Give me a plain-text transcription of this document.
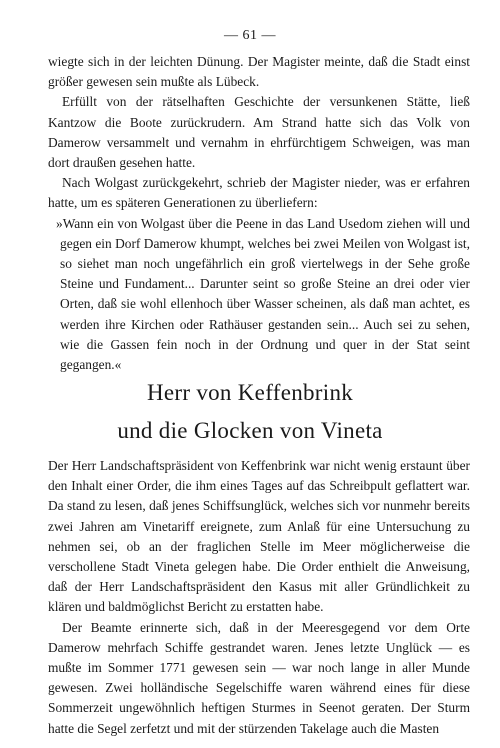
— 61 —

wiegte sich in der leichten Dünung. Der Magister meinte, daß die Stadt einst größer gewesen sein mußte als Lübeck.

Erfüllt von der rätselhaften Geschichte der versunkenen Stätte, ließ Kantzow die Boote zurückrudern. Am Strand hatte sich das Volk von Damerow versammelt und vernahm in ehrfürchtigem Schweigen, was man dort draußen gesehen hatte.

Nach Wolgast zurückgekehrt, schrieb der Magister nieder, was er erfahren hatte, um es späteren Generationen zu überliefern:

»Wann ein von Wolgast über die Peene in das Land Usedom ziehen will und gegen ein Dorf Damerow khumpt, welches bei zwei Meilen von Wolgast ist, so siehet man noch ungefährlich ein groß viertelwegs in der Sehe große Steine und Fundament... Darunter seint so große Steine an drei oder vier Orten, daß sie wohl ellenhoch über Wasser scheinen, als daß man achtet, es werden ihre Kirchen oder Rathäuser gestanden sein... Auch sei zu sehen, wie die Gassen fein noch in der Ordnung und quer in der Stat seint gegangen.«

Herr von Keffenbrink
und die Glocken von Vineta

Der Herr Landschaftspräsident von Keffenbrink war nicht wenig erstaunt über den Inhalt einer Order, die ihm eines Tages auf das Schreibpult geflattert war. Da stand zu lesen, daß jenes Schiffsunglück, welches sich vor nunmehr bereits zwei Jahren am Vinetariff ereignete, zum Anlaß für eine Untersuchung zu nehmen sei, ob an der fraglichen Stelle im Meer möglicherweise die verschollene Stadt Vineta gelegen habe. Die Order enthielt die Anweisung, daß der Herr Landschaftspräsident den Kasus mit aller Gründlichkeit zu klären und baldmöglichst Bericht zu erstatten habe.

Der Beamte erinnerte sich, daß in der Meeresgegend vor dem Orte Damerow mehrfach Schiffe gestrandet waren. Jenes letzte Unglück — es mußte im Sommer 1771 gewesen sein — war noch lange in aller Munde gewesen. Zwei holländische Segelschiffe waren während eines für diese Sommerzeit ungewöhnlich heftigen Sturmes in Seenot geraten. Der Sturm hatte die Segel zerfetzt und mit der stürzenden Takelage auch die Masten
